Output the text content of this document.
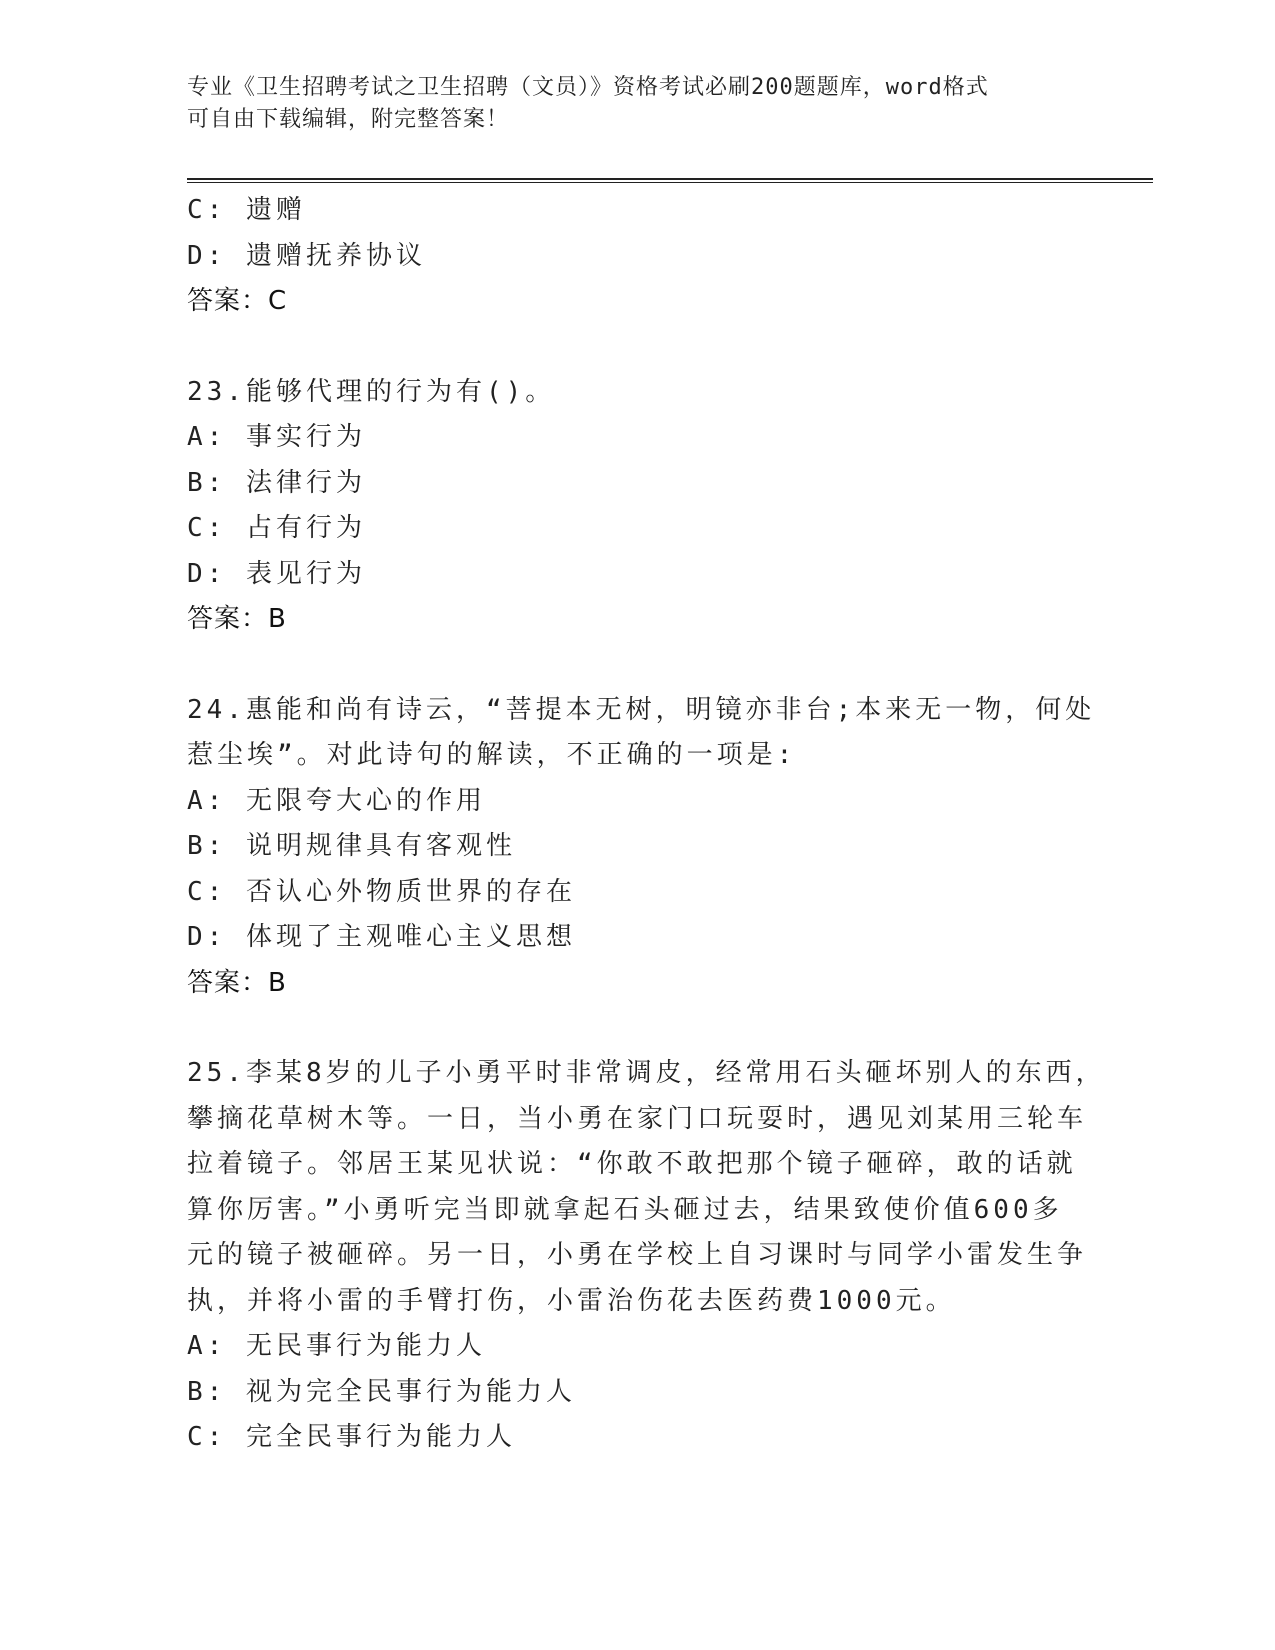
专业《卫生招聘考试之卫生招聘（文员）》资格考试必刷200题题库，word格式
可自由下载编辑，附完整答案！
C: 遗赠
D: 遗赠抚养协议
答案：C
23.能够代理的行为有()。
A: 事实行为
B: 法律行为
C: 占有行为
D: 表见行为
答案：B
24.惠能和尚有诗云，“菩提本无树，明镜亦非台;本来无一物，何处
惹尘埃”。对此诗句的解读，不正确的一项是:
A: 无限夸大心的作用
B: 说明规律具有客观性
C: 否认心外物质世界的存在
D: 体现了主观唯心主义思想
答案：B
25.李某8岁的儿子小勇平时非常调皮，经常用石头砸坏别人的东西，
攀摘花草树木等。一日，当小勇在家门口玩耍时，遇见刘某用三轮车
拉着镜子。邻居王某见状说：“你敢不敢把那个镜子砸碎，敢的话就
算你厉害。”小勇听完当即就拿起石头砸过去，结果致使价值600多
元的镜子被砸碎。另一日，小勇在学校上自习课时与同学小雷发生争
执，并将小雷的手臂打伤，小雷治伤花去医药费1000元。
A: 无民事行为能力人
B: 视为完全民事行为能力人
C: 完全民事行为能力人
